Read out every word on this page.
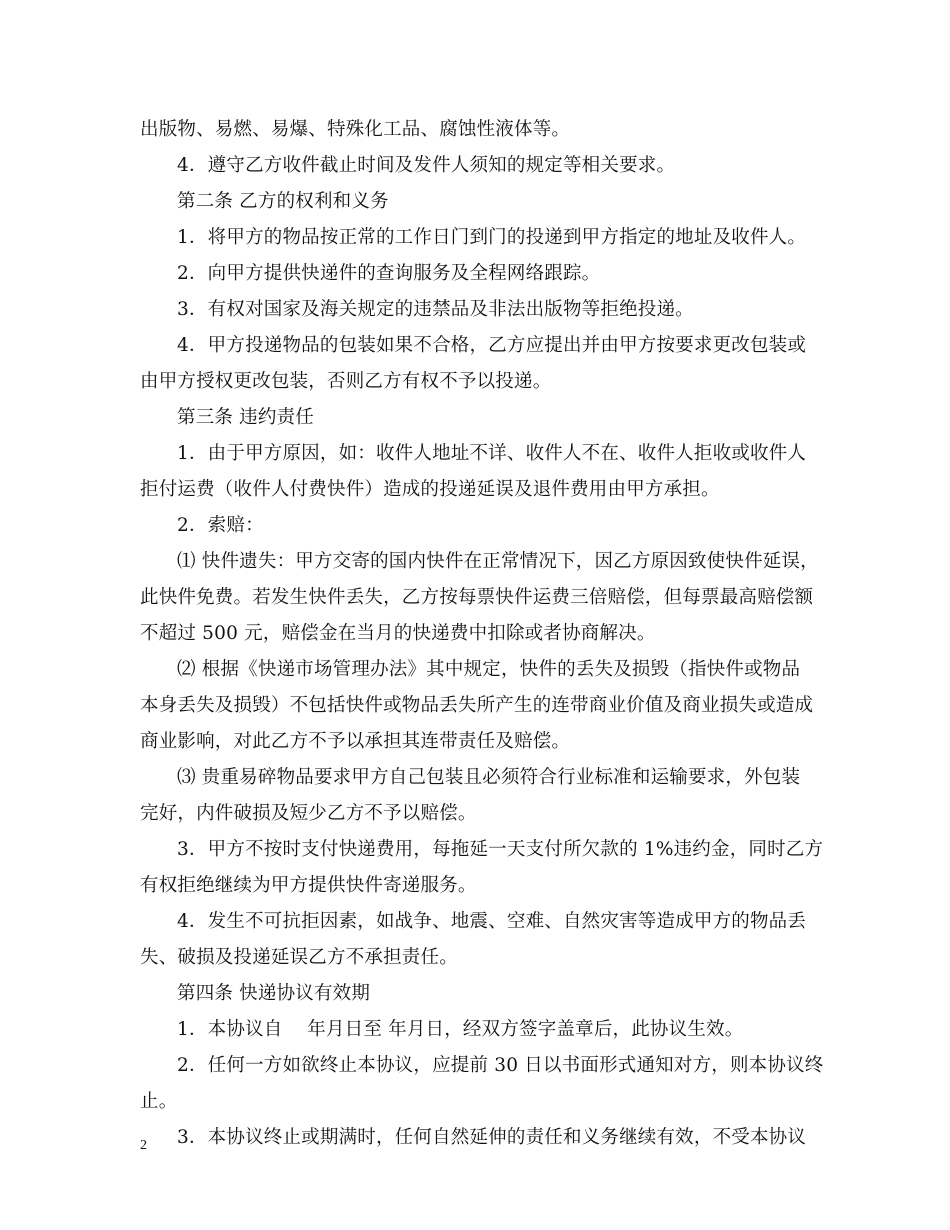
出版物、易燃、易爆、特殊化工品、腐蚀性液体等。
4．遵守乙方收件截止时间及发件人须知的规定等相关要求。
第二条 乙方的权利和义务
1．将甲方的物品按正常的工作日门到门的投递到甲方指定的地址及收件人。
2．向甲方提供快递件的查询服务及全程网络跟踪。
3．有权对国家及海关规定的违禁品及非法出版物等拒绝投递。
4．甲方投递物品的包装如果不合格，乙方应提出并由甲方按要求更改包装或
由甲方授权更改包装，否则乙方有权不予以投递。
第三条 违约责任
1．由于甲方原因，如：收件人地址不详、收件人不在、收件人拒收或收件人
拒付运费（收件人付费快件）造成的投递延误及退件费用由甲方承担。
2．索赔：
⑴ 快件遗失：甲方交寄的国内快件在正常情况下，因乙方原因致使快件延误，
此快件免费。若发生快件丢失，乙方按每票快件运费三倍赔偿，但每票最高赔偿额
不超过 500 元，赔偿金在当月的快递费中扣除或者协商解决。
⑵ 根据《快递市场管理办法》其中规定，快件的丢失及损毁（指快件或物品
本身丢失及损毁）不包括快件或物品丢失所产生的连带商业价值及商业损失或造成
商业影响，对此乙方不予以承担其连带责任及赔偿。
⑶ 贵重易碎物品要求甲方自己包装且必须符合行业标准和运输要求，外包装
完好，内件破损及短少乙方不予以赔偿。
3．甲方不按时支付快递费用，每拖延一天支付所欠款的 1%违约金，同时乙方
有权拒绝继续为甲方提供快件寄递服务。
4．发生不可抗拒因素，如战争、地震、空难、自然灾害等造成甲方的物品丢
失、破损及投递延误乙方不承担责任。
第四条 快递协议有效期
1．本协议自　 年月日至 年月日，经双方签字盖章后，此协议生效。
2．任何一方如欲终止本协议，应提前 30 日以书面形式通知对方，则本协议终
止。
3．本协议终止或期满时，任何自然延伸的责任和义务继续有效，不受本协议
2
